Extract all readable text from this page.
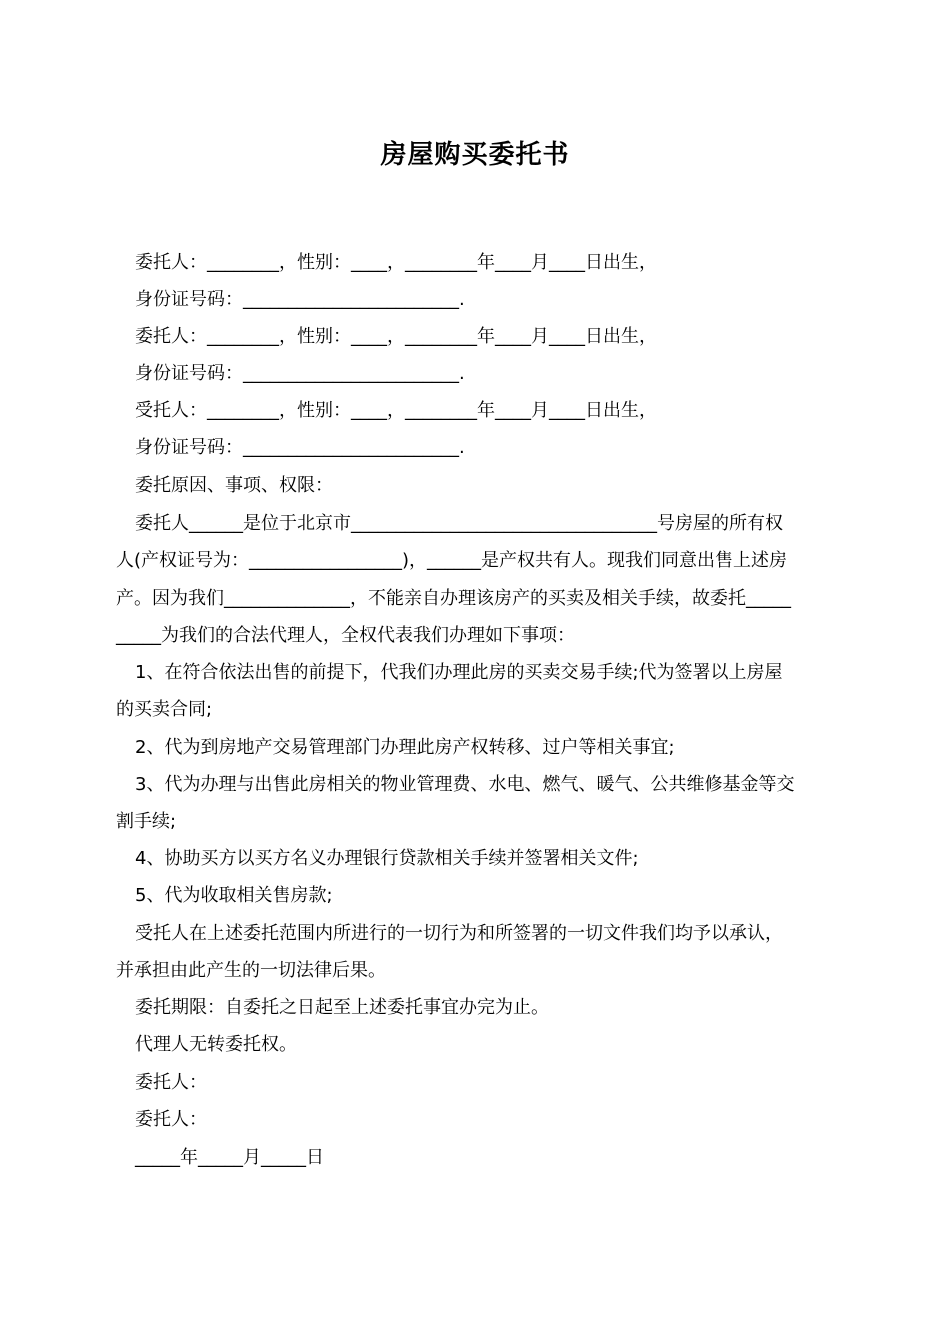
房屋购买委托书
委托人：________，性别：____，________年____月____日出生，
身份证号码：________________________.
委托人：________，性别：____，________年____月____日出生，
身份证号码：________________________.
受托人：________，性别：____，________年____月____日出生，
身份证号码：________________________.
委托原因、事项、权限：
委托人______是位于北京市__________________________________号房屋的所有权
人(产权证号为：_________________)，______是产权共有人。现我们同意出售上述房
产。因为我们______________，不能亲自办理该房产的买卖及相关手续，故委托_____
_____为我们的合法代理人，全权代表我们办理如下事项：
1、在符合依法出售的前提下，代我们办理此房的买卖交易手续;代为签署以上房屋
的买卖合同;
2、代为到房地产交易管理部门办理此房产权转移、过户等相关事宜;
3、代为办理与出售此房相关的物业管理费、水电、燃气、暖气、公共维修基金等交
割手续;
4、协助买方以买方名义办理银行贷款相关手续并签署相关文件;
5、代为收取相关售房款;
受托人在上述委托范围内所进行的一切行为和所签署的一切文件我们均予以承认，
并承担由此产生的一切法律后果。
委托期限：自委托之日起至上述委托事宜办完为止。
代理人无转委托权。
委托人：
委托人：
_____年_____月_____日
